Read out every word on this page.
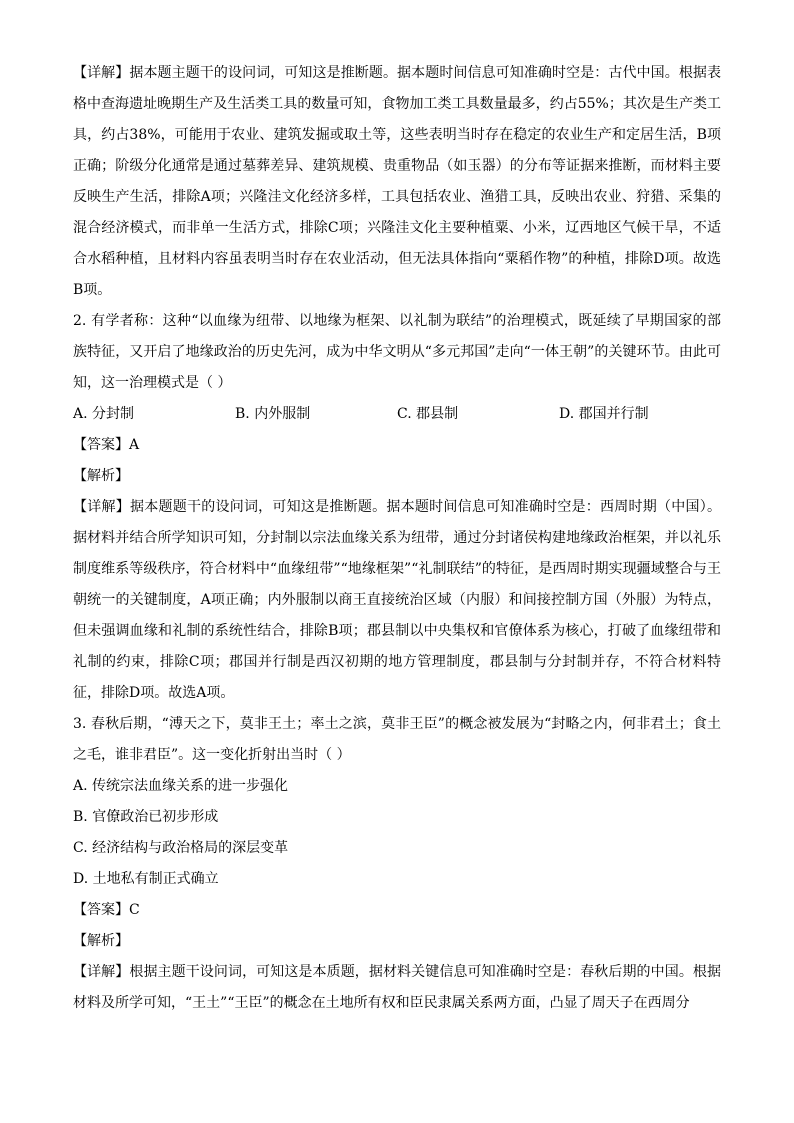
【详解】据本题主题干的设问词，可知这是推断题。据本题时间信息可知准确时空是：古代中国。根据表格中查海遗址晚期生产及生活类工具的数量可知，食物加工类工具数量最多，约占55%；其次是生产类工具，约占38%，可能用于农业、建筑发掘或取土等，这些表明当时存在稳定的农业生产和定居生活，B项正确；阶级分化通常是通过墓葬差异、建筑规模、贵重物品（如玉器）的分布等证据来推断，而材料主要反映生产生活，排除A项；兴隆洼文化经济多样，工具包括农业、渔猎工具，反映出农业、狩猎、采集的混合经济模式，而非单一生活方式，排除C项；兴隆洼文化主要种植粟、小米，辽西地区气候干旱，不适合水稻种植，且材料内容虽表明当时存在农业活动，但无法具体指向“粟稻作物”的种植，排除D项。故选B项。

2. 有学者称：这种“以血缘为纽带、以地缘为框架、以礼制为联结”的治理模式，既延续了早期国家的部族特征，又开启了地缘政治的历史先河，成为中华文明从“多元邦国”走向“一体王朝”的关键环节。由此可知，这一治理模式是（ ）

A. 分封制	B. 内外服制	C. 郡县制	D. 郡国并行制

【答案】A

【解析】

【详解】据本题题干的设问词，可知这是推断题。据本题时间信息可知准确时空是：西周时期（中国）。据材料并结合所学知识可知，分封制以宗法血缘关系为纽带，通过分封诸侯构建地缘政治框架，并以礼乐制度维系等级秩序，符合材料中“血缘纽带”“地缘框架”“礼制联结”的特征，是西周时期实现疆域整合与王朝统一的关键制度，A项正确；内外服制以商王直接统治区域（内服）和间接控制方国（外服）为特点，但未强调血缘和礼制的系统性结合，排除B项；郡县制以中央集权和官僚体系为核心，打破了血缘纽带和礼制的约束，排除C项；郡国并行制是西汉初期的地方管理制度，郡县制与分封制并存，不符合材料特征，排除D项。故选A项。

3. 春秋后期，“溥天之下，莫非王土；率土之滨，莫非王臣”的概念被发展为“封略之内，何非君土；食土之毛，谁非君臣”。这一变化折射出当时（ ）

A. 传统宗法血缘关系的进一步强化

B. 官僚政治已初步形成

C. 经济结构与政治格局的深层变革

D. 土地私有制正式确立

【答案】C

【解析】

【详解】根据主题干设问词，可知这是本质题，据材料关键信息可知准确时空是：春秋后期的中国。根据材料及所学可知，“王土”“王臣”的概念在土地所有权和臣民隶属关系两方面，凸显了周天子在西周分
